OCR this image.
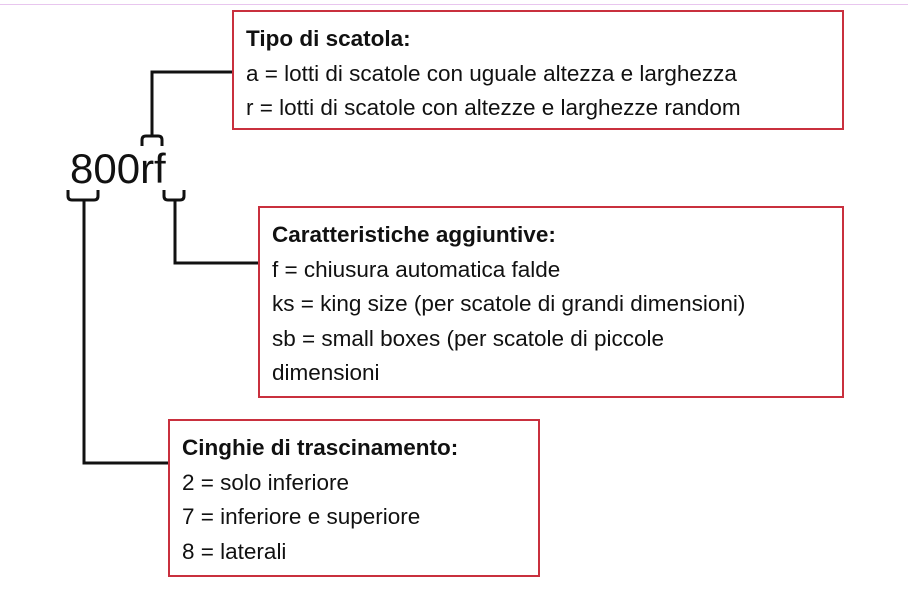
800rf
Tipo di scatola:
a = lotti di scatole con uguale altezza e larghezza
r = lotti di scatole con altezze e larghezze random
Caratteristiche aggiuntive:
f = chiusura automatica falde
ks = king size (per scatole di grandi dimensioni)
sb = small boxes (per scatole di piccole
dimensioni
Cinghie di trascinamento:
2 = solo inferiore
7 = inferiore e superiore
8 = laterali
